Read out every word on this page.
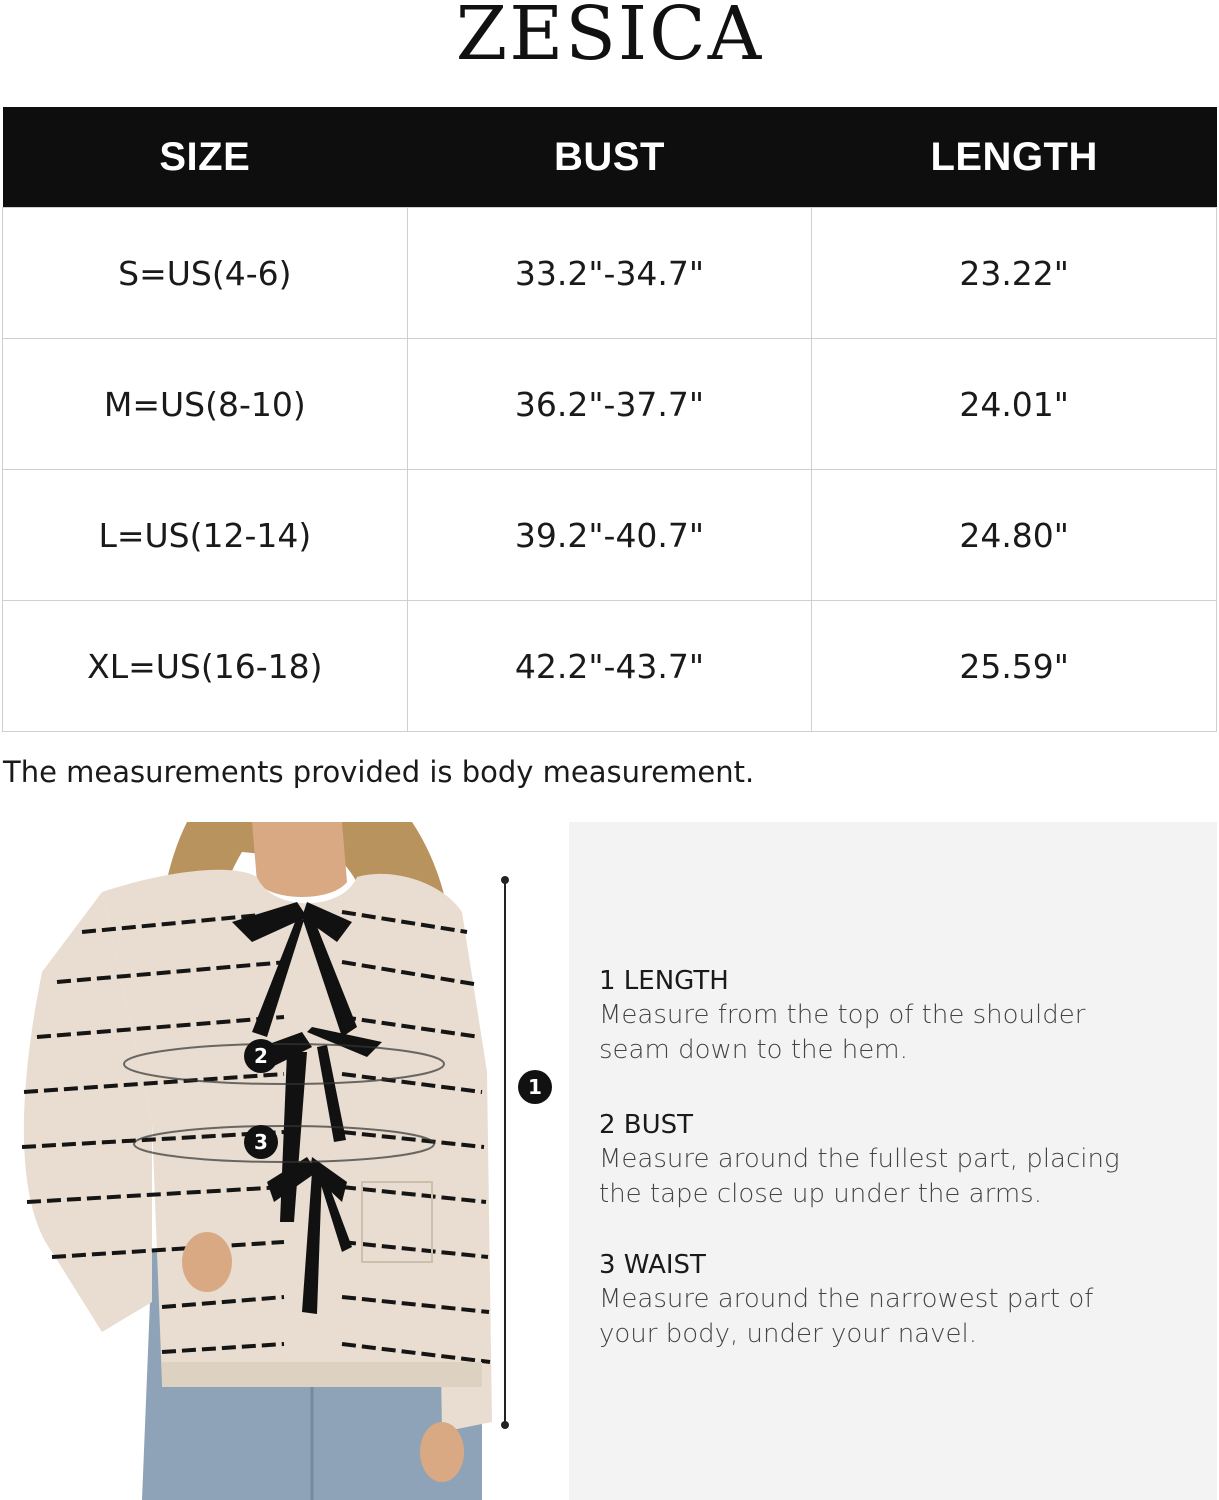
ZESICA
SIZE	BUST	LENGTH
S=US(4-6)	33.2"-34.7"	23.22"
M=US(8-10)	36.2"-37.7"	24.01"
L=US(12-14)	39.2"-40.7"	24.80"
XL=US(16-18)	42.2"-43.7"	25.59"
The measurements provided is body measurement.
2
3
1

1 LENGTH

Measure from the top of the shoulder

seam down to the hem.

2 BUST

Measure around the fullest part, placing

the tape close up under the arms.

3 WAIST

Measure around the narrowest part of

your body, under your navel.
